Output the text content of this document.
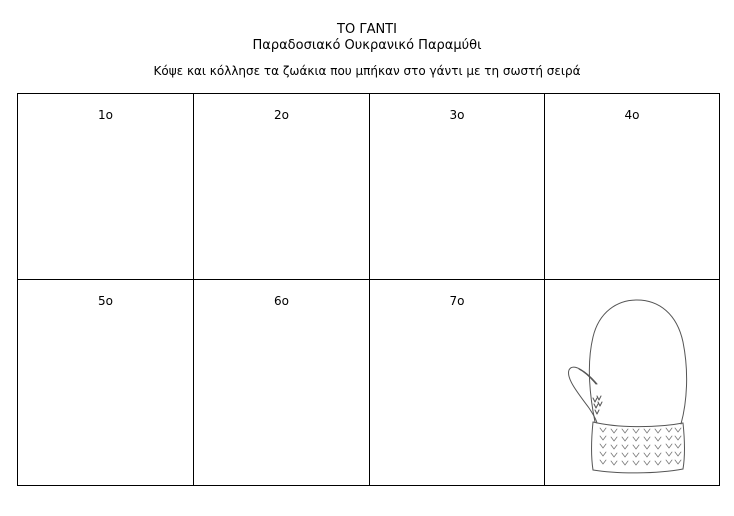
ΤΟ ΓΑΝΤΙ
Παραδοσιακό Ουκρανικό Παραμύθι
Κόψε και κόλλησε τα ζωάκια που μπήκαν στο γάντι με τη σωστή σειρά
1ο	2ο	3ο	4ο
5ο	6ο	7ο
